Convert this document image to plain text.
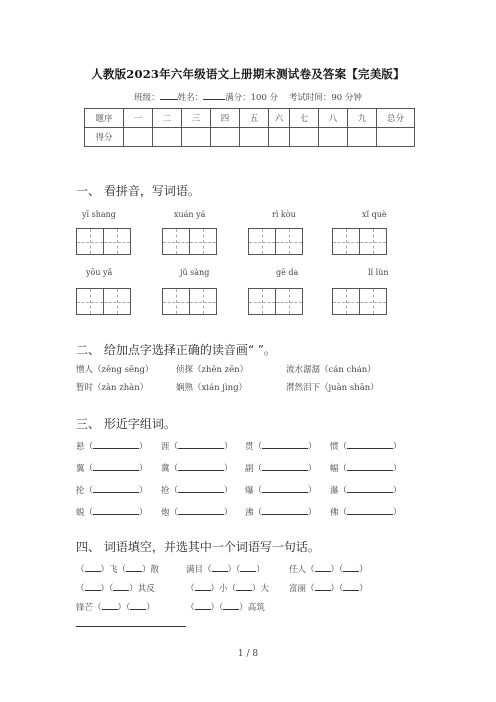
人教版2023年六年级语文上册期末测试卷及答案【完美版】
班级： 姓名：	满分：100 分 考试时间：90 分钟
题序	一	二	三	四	五	六	七	八	九	总分
得分										
一、 看拼音，写词语。
yī shang	xuán yá	rì kòu	xǐ què
yōu yǎ	jǔ sàng	gē da	lǐ lùn
二、 给加点字选择正确的读音画“ ”。
憎人（zēng sēng）	侦探（zhēn zēn）	流水潺潺（cán chán）
暂时（zàn zhàn）	娴熟（xián jìng）	潸然泪下（juàn shān）
三、 形近字组词。
悬（	） 涯（	） 贯（	） 惯（	）
翼（	） 冀（	） 副（	） 幅（	）
抡（	） 抢（	） 爆（	） 瀑（	）
蜕（	） 炮（	） 沸（	） 佛（	）
四、 词语填空，并选其中一个词语写一句话。
（ ）飞（ ）散	满目（ ）（ ）	任人（ ）（ ）
（ ）（ ）其反	（ ）小（ ）大 富丽（ ）（ ）
锋芒（ ）（ ）	（ ）（ ）高筑
1 / 8
